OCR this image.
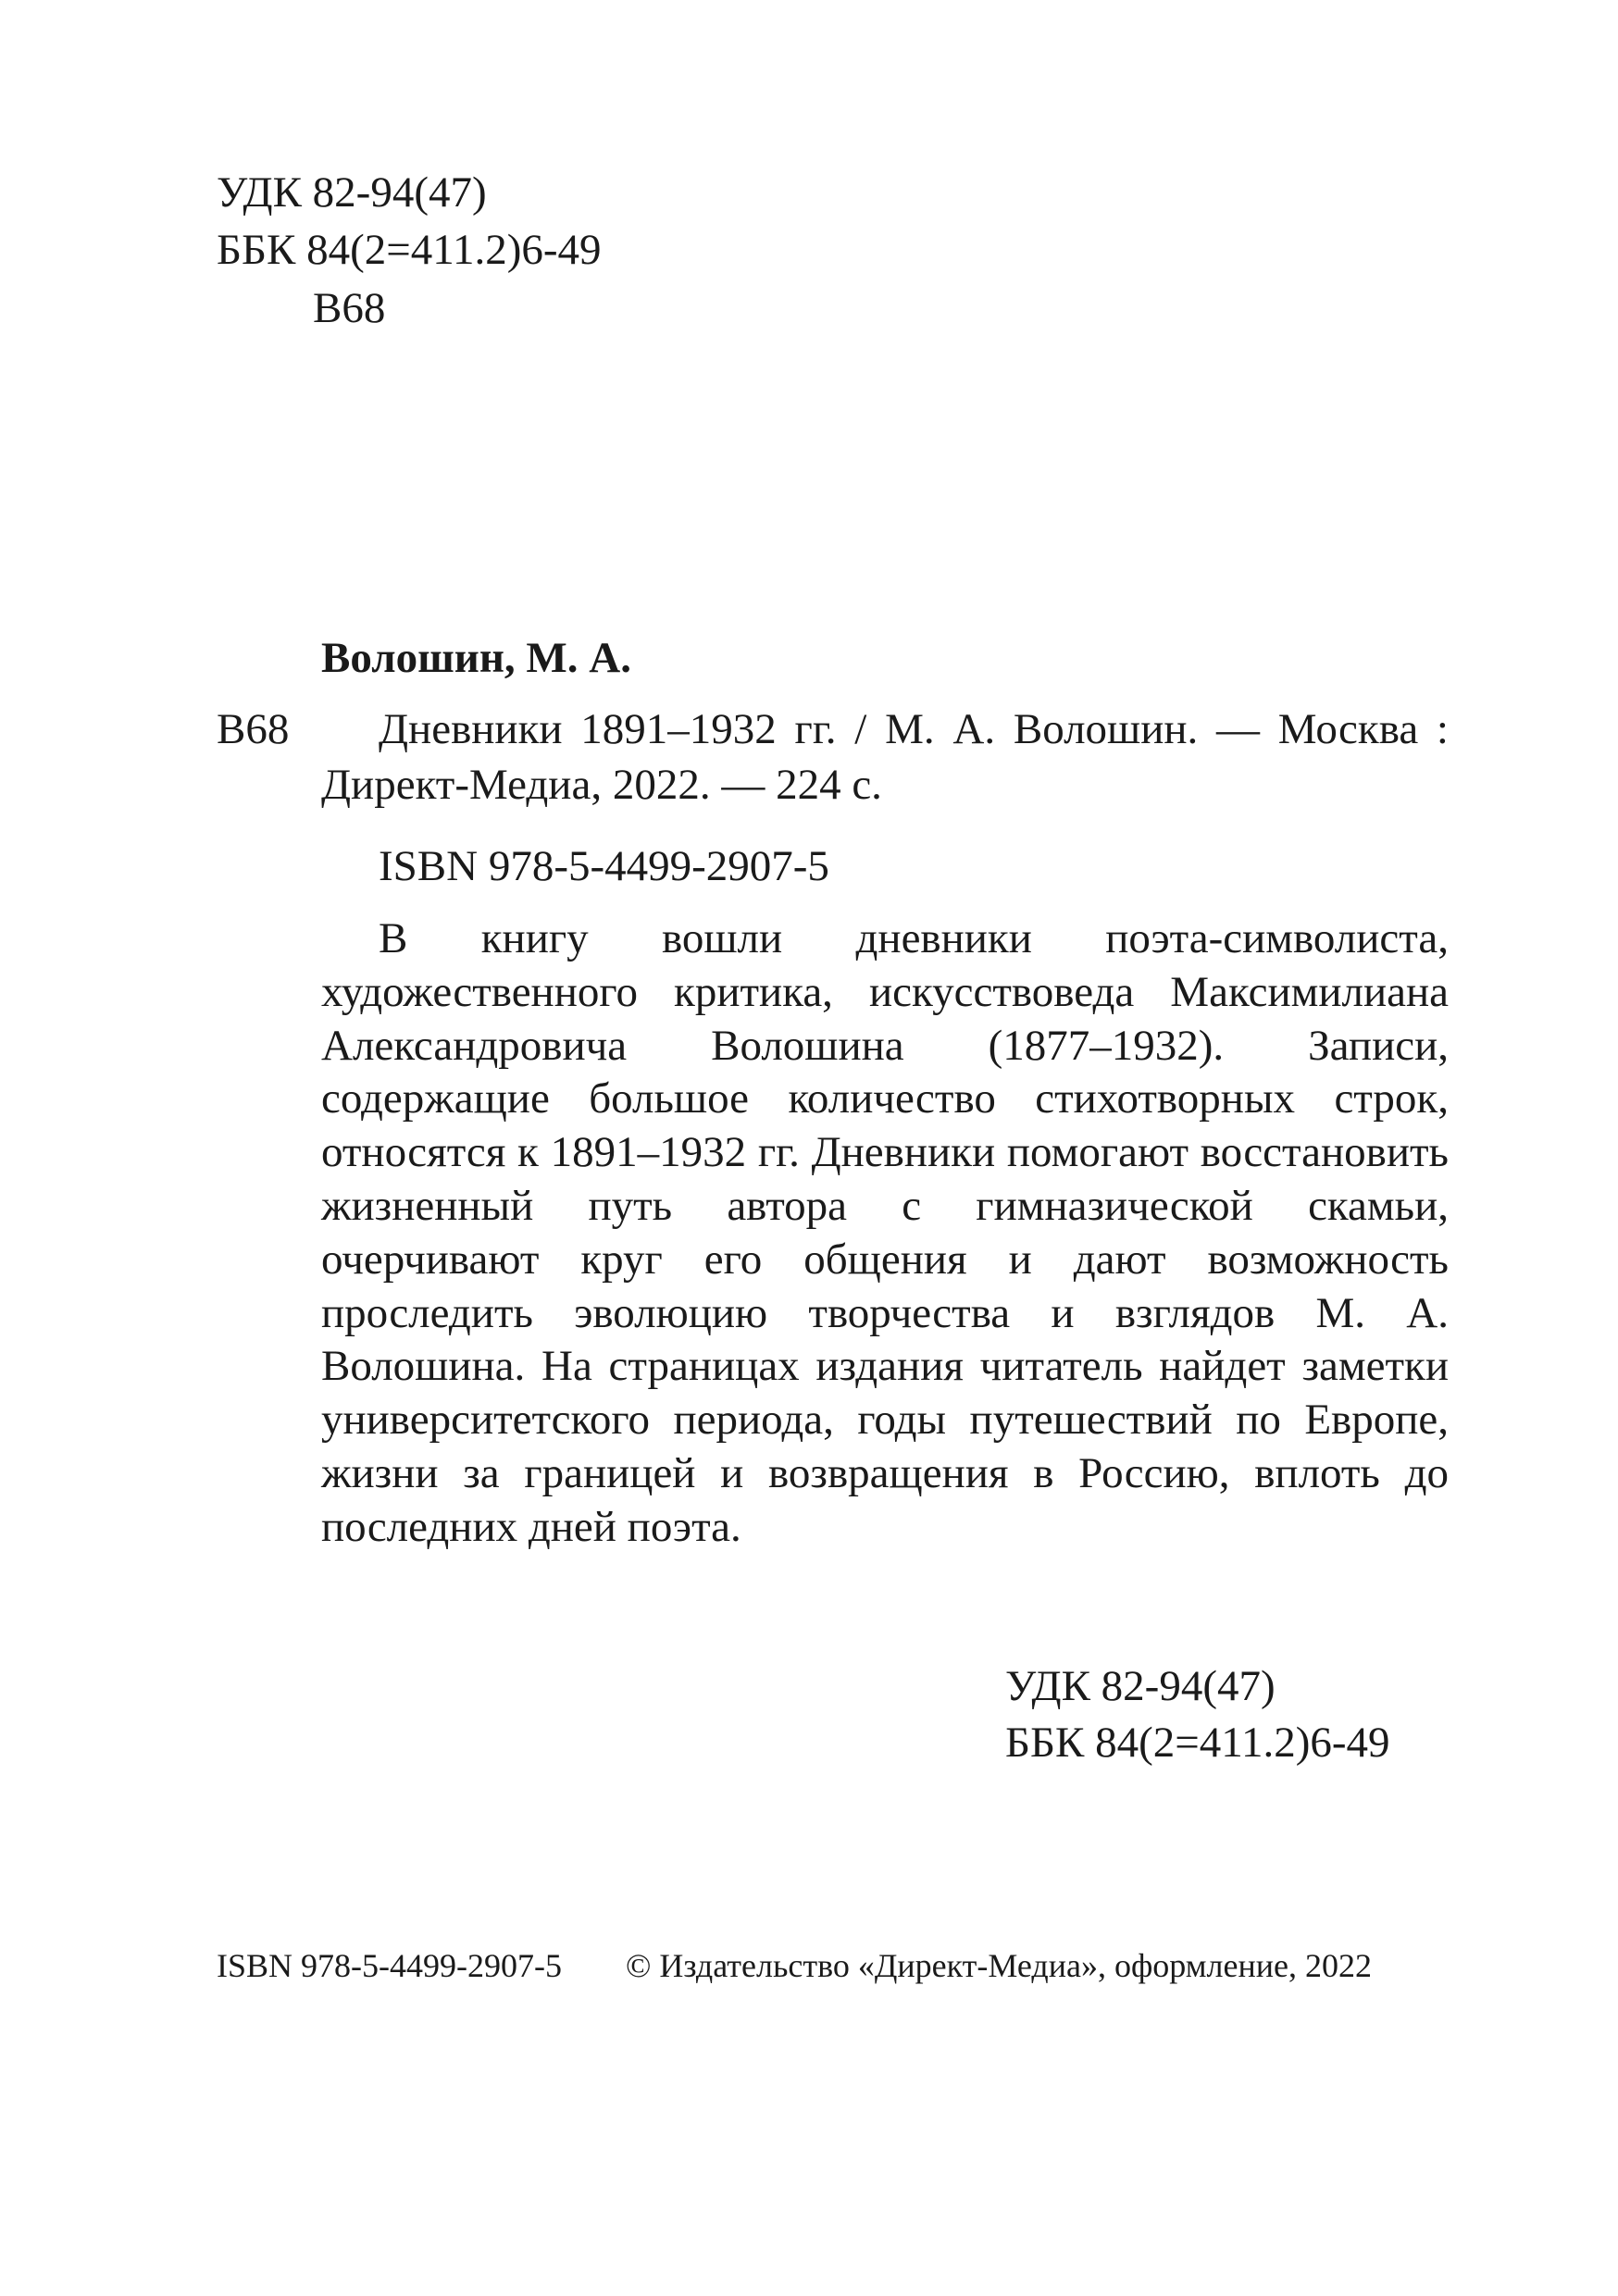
УДК 82-94(47)
ББК 84(2=411.2)6-49
В68
Волошин, М. А.
В68 Дневники 1891–1932 гг. / М. А. Волошин. — Москва :
Директ-Медиа, 2022. — 224 с.
ISBN 978-5-4499-2907-5

В книгу вошли дневники поэта-символиста, художественного критика, искусствоведа Максимилиана Александровича Волошина (1877–1932). Записи, содержащие большое количество стихотворных строк, относятся к 1891–1932 гг. Дневники помогают восстановить жизненный путь автора с гимназической скамьи, очерчивают круг его общения и дают возможность проследить эволюцию творчества и взглядов М. А. Волошина. На страницах издания читатель найдет заметки университетского периода, годы путешествий по Европе, жизни за границей и возвращения в Россию, вплоть до последних дней поэта.

УДК 82-94(47)
ББК 84(2=411.2)6-49
ISBN 978-5-4499-2907-5 © Издательство «Директ-Медиа», оформление, 2022
